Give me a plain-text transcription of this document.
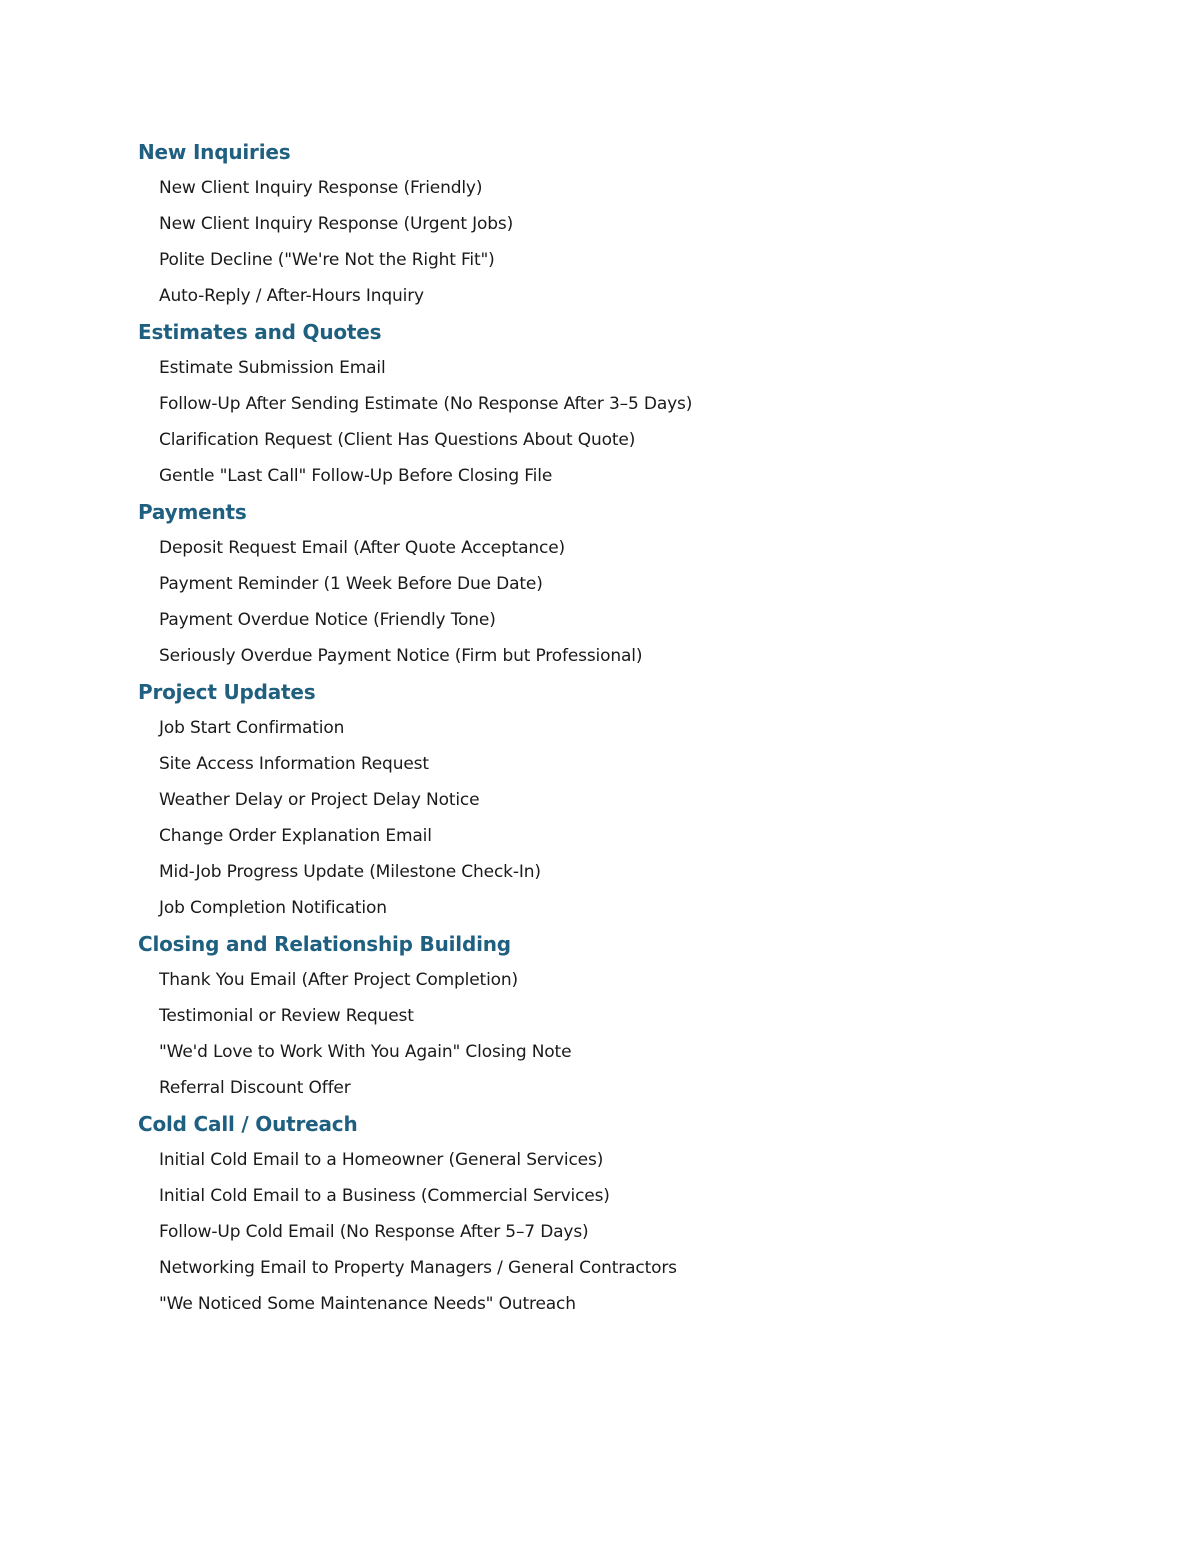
New Inquiries
New Client Inquiry Response (Friendly)
New Client Inquiry Response (Urgent Jobs)
Polite Decline ("We're Not the Right Fit")
Auto-Reply / After-Hours Inquiry
Estimates and Quotes
Estimate Submission Email
Follow-Up After Sending Estimate (No Response After 3–5 Days)
Clarification Request (Client Has Questions About Quote)
Gentle "Last Call" Follow-Up Before Closing File
Payments
Deposit Request Email (After Quote Acceptance)
Payment Reminder (1 Week Before Due Date)
Payment Overdue Notice (Friendly Tone)
Seriously Overdue Payment Notice (Firm but Professional)
Project Updates
Job Start Confirmation
Site Access Information Request
Weather Delay or Project Delay Notice
Change Order Explanation Email
Mid-Job Progress Update (Milestone Check-In)
Job Completion Notification
Closing and Relationship Building
Thank You Email (After Project Completion)
Testimonial or Review Request
"We'd Love to Work With You Again" Closing Note
Referral Discount Offer
Cold Call / Outreach
Initial Cold Email to a Homeowner (General Services)
Initial Cold Email to a Business (Commercial Services)
Follow-Up Cold Email (No Response After 5–7 Days)
Networking Email to Property Managers / General Contractors
"We Noticed Some Maintenance Needs" Outreach
